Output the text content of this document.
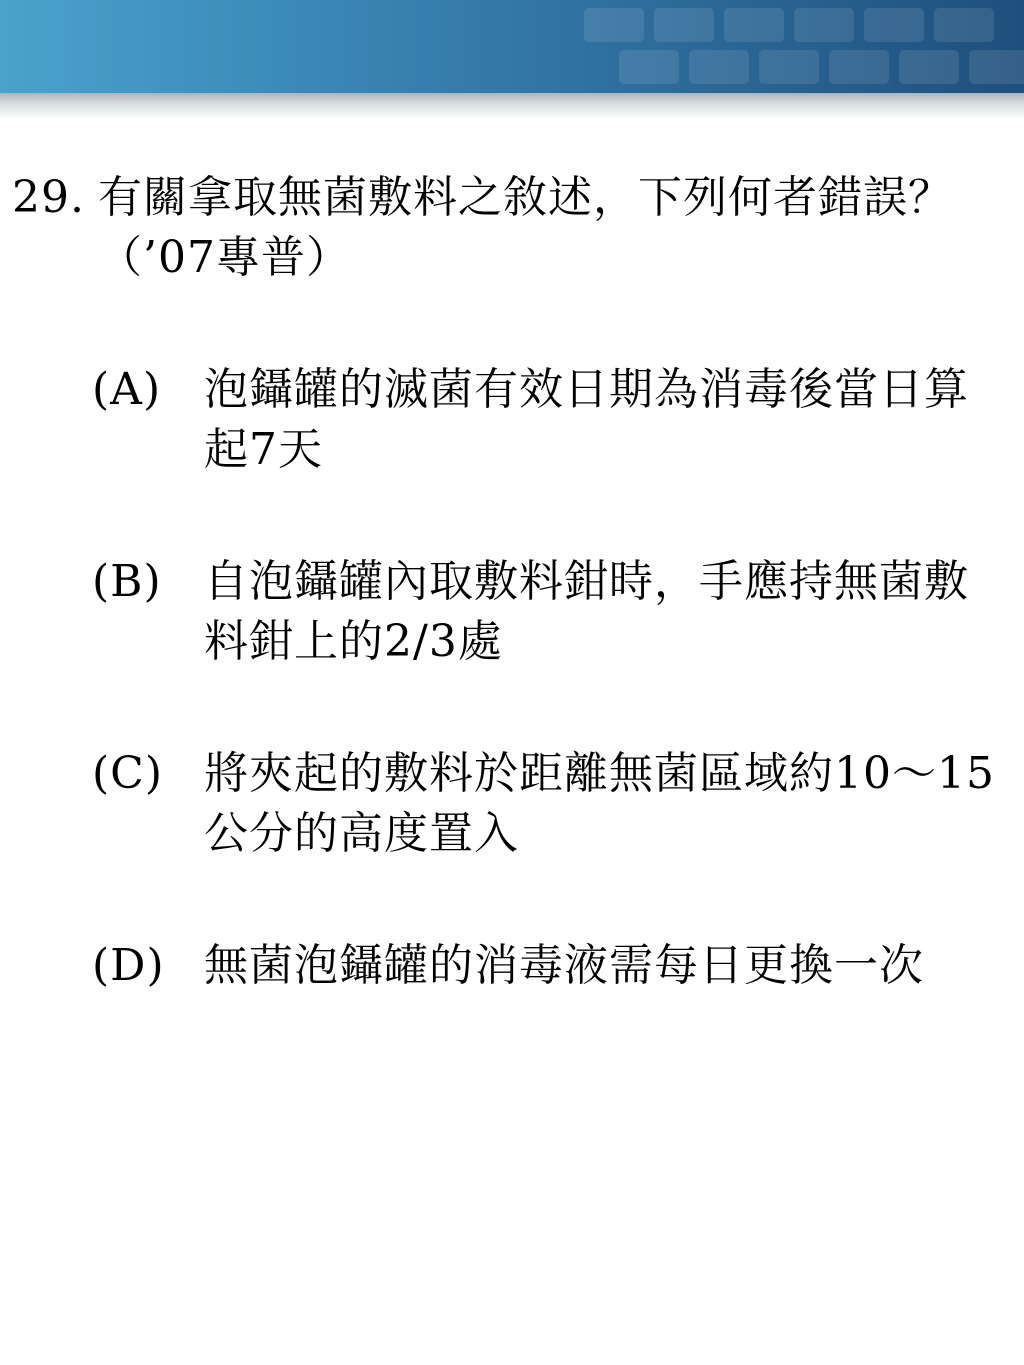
29. 有關拿取無菌敷料之敘述，下列何者錯誤？（’07專普）
(A) 泡鑷罐的滅菌有效日期為消毒後當日算起7天
(B) 自泡鑷罐內取敷料鉗時，手應持無菌敷料鉗上的2/3處
(C) 將夾起的敷料於距離無菌區域約10～15公分的高度置入
(D) 無菌泡鑷罐的消毒液需每日更換一次
